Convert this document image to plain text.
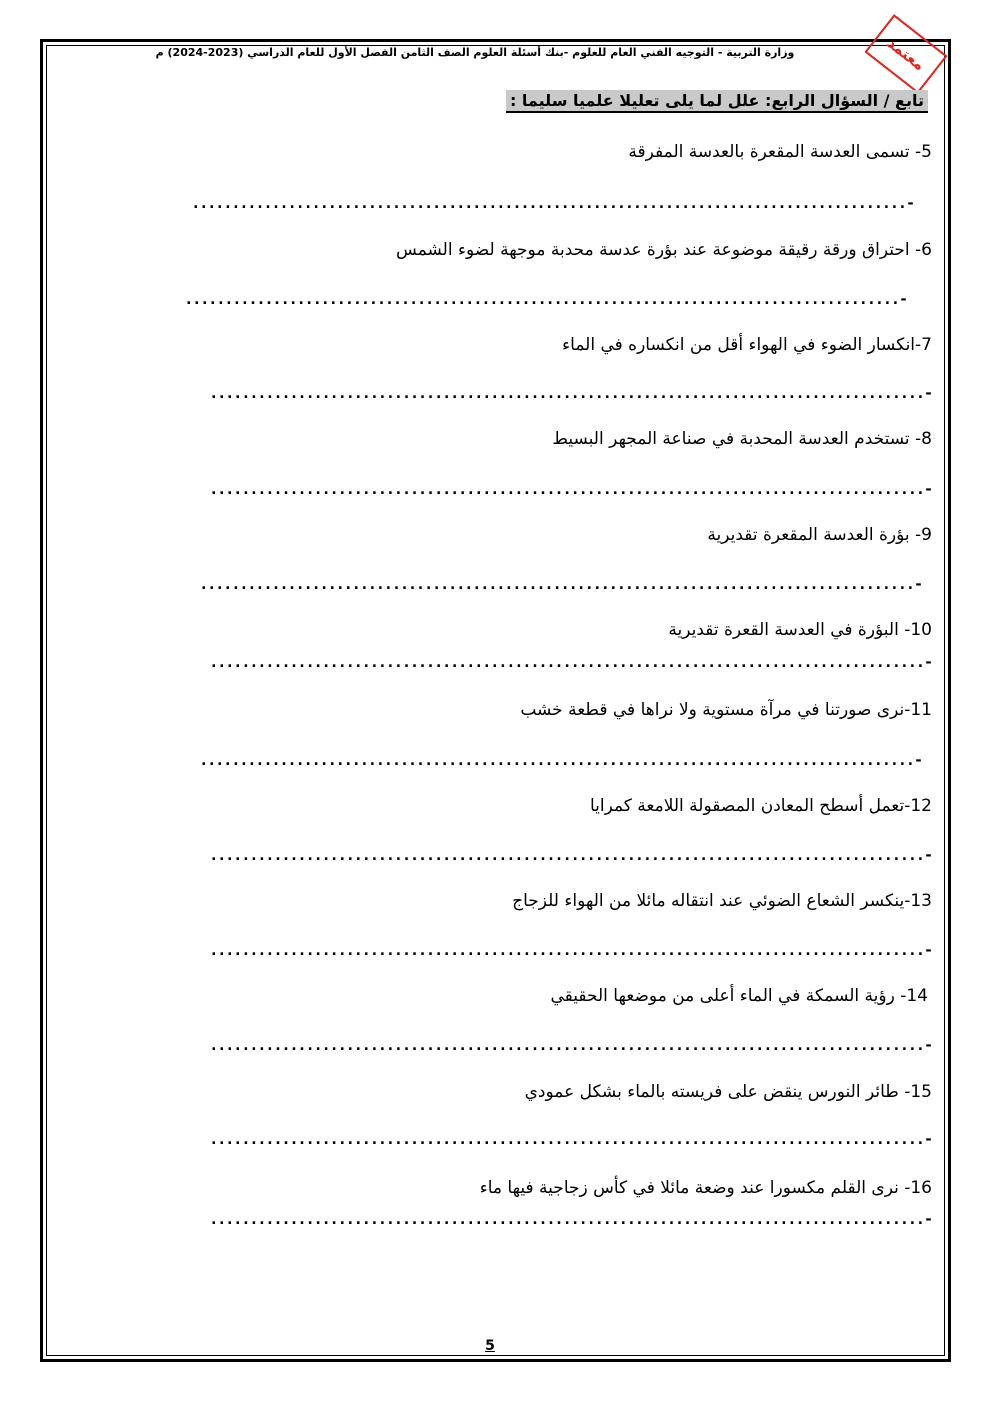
وزارة التربية - التوجيه الفني العام للعلوم -بنك أسئلة العلوم الصف الثامن الفصل الأول للعام الدراسي (2023-2024) م	معتمد
تابع / السؤال الرابع: علل لما يلى تعليلا علميا سليما :
5- تسمى العدسة المقعرة بالعدسة المفرقة
-.........................................................................................
6- احتراق ورقة رقيقة موضوعة عند بؤرة عدسة محدبة موجهة لضوء الشمس
-.........................................................................................
7-انكسار الضوء في الهواء أقل من انكساره في الماء
-.........................................................................................
8- تستخدم العدسة المحدبة في صناعة المجهر البسيط
-.........................................................................................
9- بؤرة العدسة المقعرة تقديرية
-.........................................................................................
10- البؤرة في العدسة القعرة تقديرية
-.........................................................................................
11-نرى صورتنا في مرآة مستوية ولا نراها في قطعة خشب
-.........................................................................................
12-تعمل أسطح المعادن المصقولة اللامعة كمرايا
-.........................................................................................
13-ينكسر الشعاع الضوئي عند انتقاله مائلا من الهواء للزجاج
-.........................................................................................
14- رؤية السمكة في الماء أعلى من موضعها الحقيقي
-.........................................................................................
15- طائر النورس ينقض على فريسته بالماء بشكل عمودي
-.........................................................................................
16- نرى القلم مكسورا عند وضعة مائلا في كأس زجاجية فيها ماء
-.........................................................................................
5
